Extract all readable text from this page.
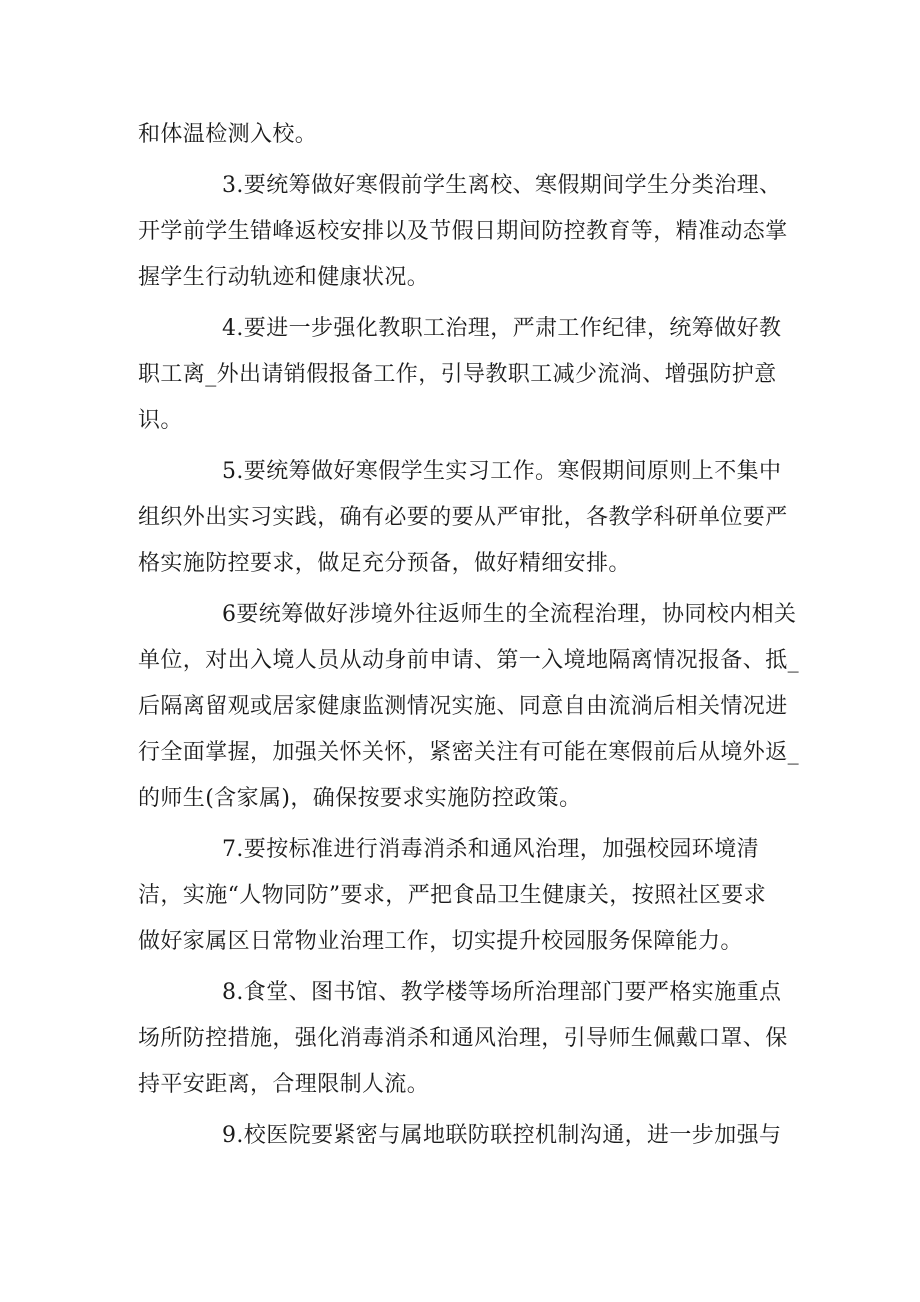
和体温检测入校。
3.要统筹做好寒假前学生离校、寒假期间学生分类治理、
开学前学生错峰返校安排以及节假日期间防控教育等，精准动态掌
握学生行动轨迹和健康状况。
4.要进一步强化教职工治理，严肃工作纪律，统筹做好教
职工离_外出请销假报备工作，引导教职工减少流淌、增强防护意
识。
5.要统筹做好寒假学生实习工作。寒假期间原则上不集中
组织外出实习实践，确有必要的要从严审批，各教学科研单位要严
格实施防控要求，做足充分预备，做好精细安排。
6要统筹做好涉境外往返师生的全流程治理，协同校内相关
单位，对出入境人员从动身前申请、第一入境地隔离情况报备、抵_
后隔离留观或居家健康监测情况实施、同意自由流淌后相关情况进
行全面掌握，加强关怀关怀，紧密关注有可能在寒假前后从境外返_
的师生(含家属)，确保按要求实施防控政策。
7.要按标准进行消毒消杀和通风治理，加强校园环境清
洁，实施“人物同防”要求，严把食品卫生健康关，按照社区要求
做好家属区日常物业治理工作，切实提升校园服务保障能力。
8.食堂、图书馆、教学楼等场所治理部门要严格实施重点
场所防控措施，强化消毒消杀和通风治理，引导师生佩戴口罩、保
持平安距离，合理限制人流。
9.校医院要紧密与属地联防联控机制沟通，进一步加强与
